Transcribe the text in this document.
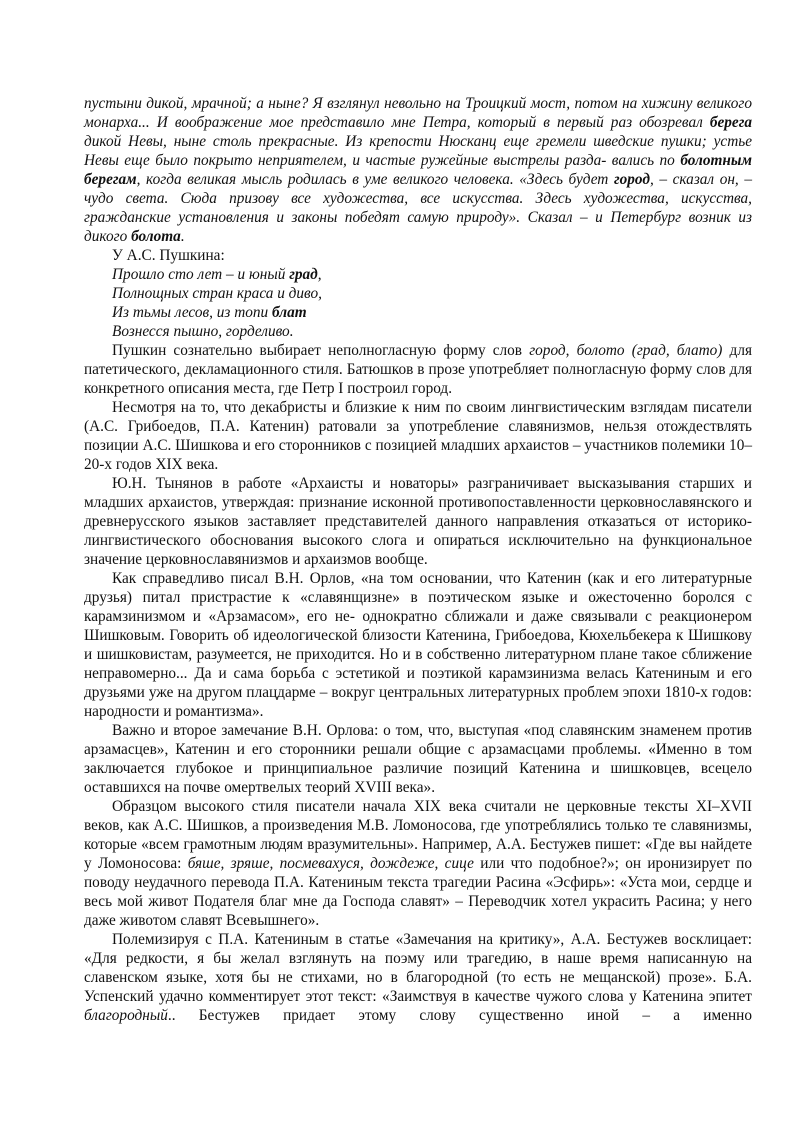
пустыни дикой, мрачной; а ныне? Я взглянул невольно на Троицкий мост, потом на хижину великого монарха... И воображение мое представило мне Петра, который в первый раз обозревал берега дикой Невы, ныне столь прекрасные. Из крепости Нюсканц еще гремели шведские пушки; устье Невы еще было покрыто неприятелем, и частые ружейные выстрелы разда- вались по болотным берегам, когда великая мысль родилась в уме великого человека. «Здесь будет город, – сказал он, – чудо света. Сюда призову все художества, все искусства. Здесь художества, искусства, гражданские установления и законы победят самую природу». Сказал – и Петербург возник из дикого болота.

У А.С. Пушкина:

Прошло сто лет – и юный град,

Полнощных стран краса и диво,

Из тьмы лесов, из топи блат

Вознесся пышно, горделиво.

Пушкин сознательно выбирает неполногласную форму слов город, болото (град, блато) для патетического, декламационного стиля. Батюшков в прозе употребляет полногласную форму слов для конкретного описания места, где Петр I построил город.

Несмотря на то, что декабристы и близкие к ним по своим лингвистическим взглядам писатели (А.С. Грибоедов, П.А. Катенин) ратовали за употребление славянизмов, нельзя отождествлять позиции А.С. Шишкова и его сторонников с позицией младших архаистов – участников полемики 10–20-х годов XIX века.

Ю.Н. Тынянов в работе «Архаисты и новаторы» разграничивает высказывания старших и младших архаистов, утверждая: признание исконной противопоставленности церковнославянского и древнерусского языков заставляет представителей данного направления отказаться от историко-лингвистического обоснования высокого слога и опираться исключительно на функциональное значение церковнославянизмов и архаизмов вообще.

Как справедливо писал В.Н. Орлов, «на том основании, что Катенин (как и его литературные друзья) питал пристрастие к «славянщизне» в поэтическом языке и ожесточенно боролся с карамзинизмом и «Арзамасом», его не- однократно сближали и даже связывали с реакционером Шишковым. Говорить об идеологической близости Катенина, Грибоедова, Кюхельбекера к Шишкову и шишковистам, разумеется, не приходится. Но и в собственно литературном плане такое сближение неправомерно... Да и сама борьба с эстетикой и поэтикой карамзинизма велась Катениным и его друзьями уже на другом плацдарме – вокруг центральных литературных проблем эпохи 1810-х годов: народности и романтизма».

Важно и второе замечание В.Н. Орлова: о том, что, выступая «под славянским знаменем против арзамасцев», Катенин и его сторонники решали общие с арзамасцами проблемы. «Именно в том заключается глубокое и принципиальное различие позиций Катенина и шишковцев, всецело оставшихся на почве омертвелых теорий XVIII века».

Образцом высокого стиля писатели начала XIX века считали не церковные тексты XI–XVII веков, как А.С. Шишков, а произведения М.В. Ломоносова, где употреблялись только те славянизмы, которые «всем грамотным людям вразумительны». Например, А.А. Бестужев пишет: «Где вы найдете у Ломоносова: бяше, зряше, посмевахуся, дождеже, сице или что подобное?»; он иронизирует по поводу неудачного перевода П.А. Катениным текста трагедии Расина «Эсфирь»: «Уста мои, сердце и весь мой живот Подателя благ мне да Господа славят» – Переводчик хотел украсить Расина; у него даже животом славят Всевышнего».

Полемизируя с П.А. Катениным в статье «Замечания на критику», А.А. Бестужев восклицает: «Для редкости, я бы желал взглянуть на поэму или трагедию, в наше время написанную на славенском языке, хотя бы не стихами, но в благородной (то есть не мещанской) прозе». Б.А. Успенский удачно комментирует этот текст: «Заимствуя в качестве чужого слова у Катенина эпитет благородный.. Бестужев придает этому слову существенно иной – а именно
